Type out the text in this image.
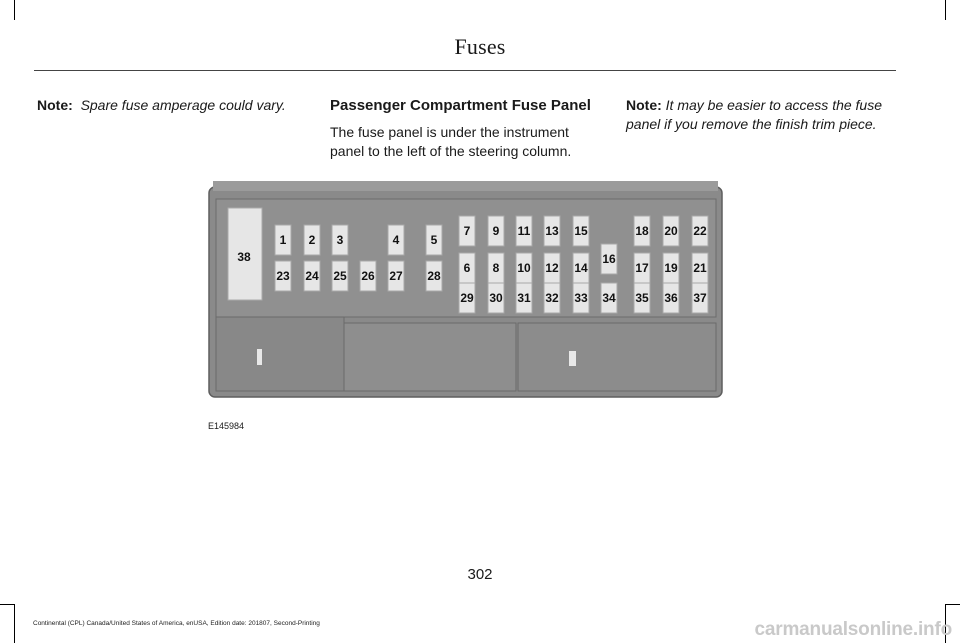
Fuses
Note: Spare fuse amperage could vary.	Passenger Compartment Fuse Panel
The fuse panel is under the instrument panel to the left of the steering column.
Note: It may be easier to access the fuse panel if you remove the finish trim piece.
1 2 3	4	5
6
7
8
9
10
11
12
13
14
15
16
17
18
19
20
21
22
23 24 25 26 27 28
29 30 31 32 33 34 35 36 37
38
E145984
302
Continental (CPL) Canada/United States of America, enUSA, Edition date: 201807, Second-Printing	carmanualsonline.info
